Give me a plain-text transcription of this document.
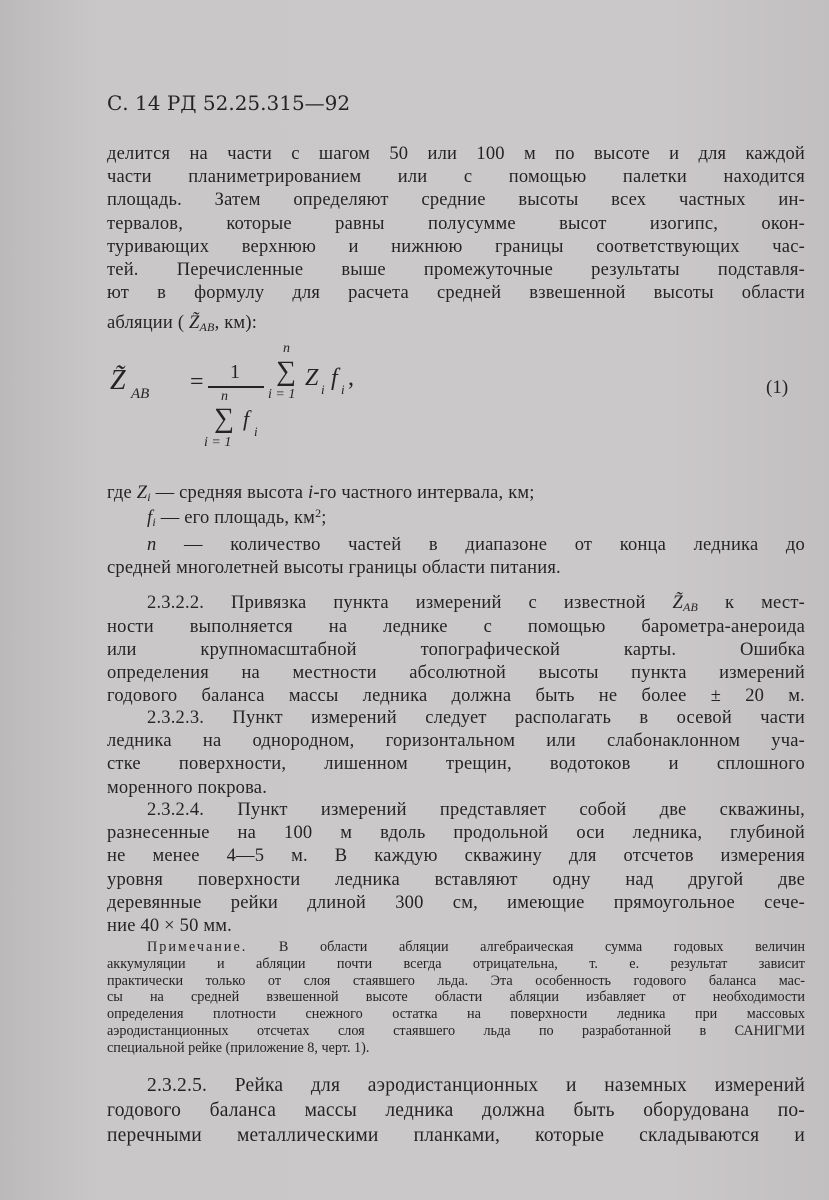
С. 14 РД 52.25.315—92
делится на части с шагом 50 или 100 м по высоте и для каждой
части планиметрированием или с помощью палетки находится
площадь. Затем определяют средние высоты всех частных ин-
тервалов, которые равны полусумме высот изогипс, окон-
туривающих верхнюю и нижнюю границы соответствующих час-
тей. Перечисленные выше промежуточные результаты подставля-
ют в формулу для расчета средней взвешенной высоты области
абляции ( $Z̃_{AB}$, км):
где $Z_i$ — средняя высота i-го частного интервала, км;
$f_i$ — его площадь, $км^2$;
n — количество частей в диапазоне от конца ледника до
средней многолетней высоты границы области питания.
2.3.2.2. Привязка пункта измерений с известной $Z̃_{AB}$ к мест-
ности выполняется на леднике с помощью барометра-анероида
или крупномасштабной топографической карты. Ошибка
определения на местности абсолютной высоты пункта измерений
годового баланса массы ледника должна быть не более ± 20 м.
2.3.2.3. Пункт измерений следует располагать в осевой части
ледника на однородном, горизонтальном или слабонаклонном уча-
стке поверхности, лишенном трещин, водотоков и сплошного
моренного покрова.
2.3.2.4. Пункт измерений представляет собой две скважины,
разнесенные на 100 м вдоль продольной оси ледника, глубиной
не менее 4—5 м. В каждую скважину для отсчетов измерения
уровня поверхности ледника вставляют одну над другой две
деревянные рейки длиной 300 см, имеющие прямоугольное сече-
ние 40 × 50 мм.
Примечание. В области абляции алгебраическая сумма годовых величин
аккумуляции и абляции почти всегда отрицательна, т. е. результат зависит
практически только от слоя стаявшего льда. Эта особенность годового баланса мас-
сы на средней взвешенной высоте области абляции избавляет от необходимости
определения плотности снежного остатка на поверхности ледника при массовых
аэродистанционных отсчетах слоя стаявшего льда по разработанной в САНИГМИ
специальной рейке (приложение 8, черт. 1).
2.3.2.5. Рейка для аэродистанционных и наземных измерений
годового баланса массы ледника должна быть оборудована по-
перечными металлическими планками, которые складываются и
Z̃ AB = 1
n
∑
i = 1
f
i
n
∑
i = 1
Z i f i ,	(1)
